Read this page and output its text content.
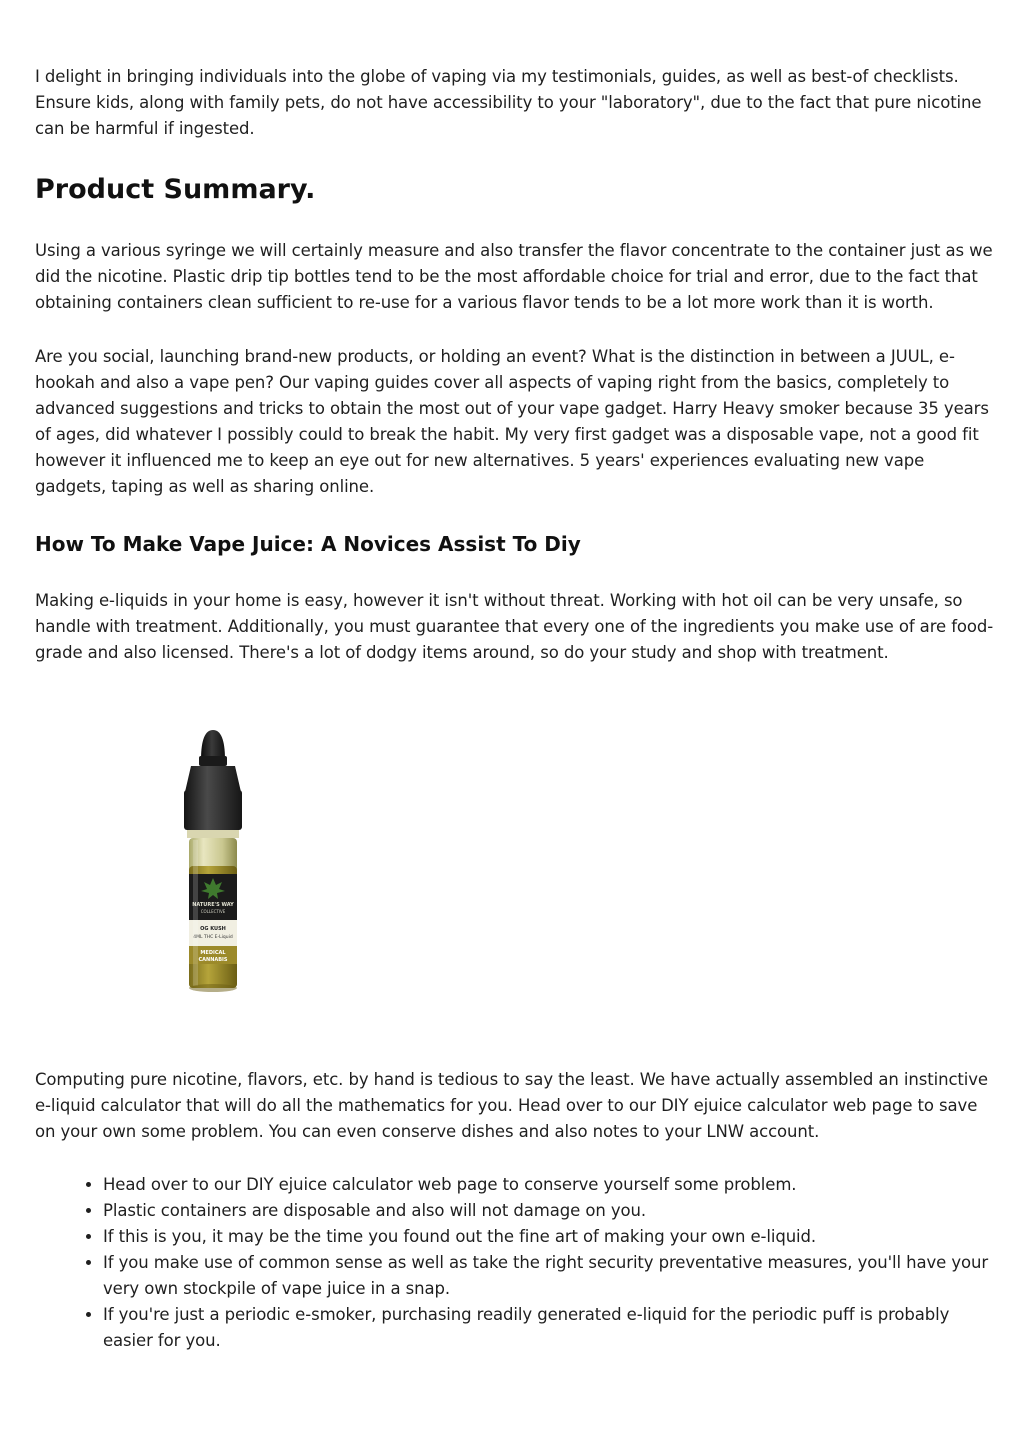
I delight in bringing individuals into the globe of vaping via my testimonials, guides, as well as best-of checklists. Ensure kids, along with family pets, do not have accessibility to your "laboratory", due to the fact that pure nicotine can be harmful if ingested.

Product Summary.

Using a various syringe we will certainly measure and also transfer the flavor concentrate to the container just as we did the nicotine. Plastic drip tip bottles tend to be the most affordable choice for trial and error, due to the fact that obtaining containers clean sufficient to re-use for a various flavor tends to be a lot more work than it is worth.

Are you social, launching brand-new products, or holding an event? What is the distinction in between a JUUL, e-hookah and also a vape pen? Our vaping guides cover all aspects of vaping right from the basics, completely to advanced suggestions and tricks to obtain the most out of your vape gadget. Harry Heavy smoker because 35 years of ages, did whatever I possibly could to break the habit. My very first gadget was a disposable vape, not a good fit however it influenced me to keep an eye out for new alternatives. 5 years' experiences evaluating new vape gadgets, taping as well as sharing online.

How To Make Vape Juice: A Novices Assist To Diy

Making e-liquids in your home is easy, however it isn't without threat. Working with hot oil can be very unsafe, so handle with treatment. Additionally, you must guarantee that every one of the ingredients you make use of are food-grade and also licensed. There's a lot of dodgy items around, so do your study and shop with treatment.

NATURE'S WAY
COLLECTIVE
OG KUSH
4ML THC E-Liquid
MEDICAL
CANNABIS

Computing pure nicotine, flavors, etc. by hand is tedious to say the least. We have actually assembled an instinctive e-liquid calculator that will do all the mathematics for you. Head over to our DIY ejuice calculator web page to save on your own some problem. You can even conserve dishes and also notes to your LNW account.

• Head over to our DIY ejuice calculator web page to conserve yourself some problem.
• Plastic containers are disposable and also will not damage on you.
• If this is you, it may be the time you found out the fine art of making your own e-liquid.
• If you make use of common sense as well as take the right security preventative measures, you'll have your very own stockpile of vape juice in a snap.
• If you're just a periodic e-smoker, purchasing readily generated e-liquid for the periodic puff is probably easier for you.
